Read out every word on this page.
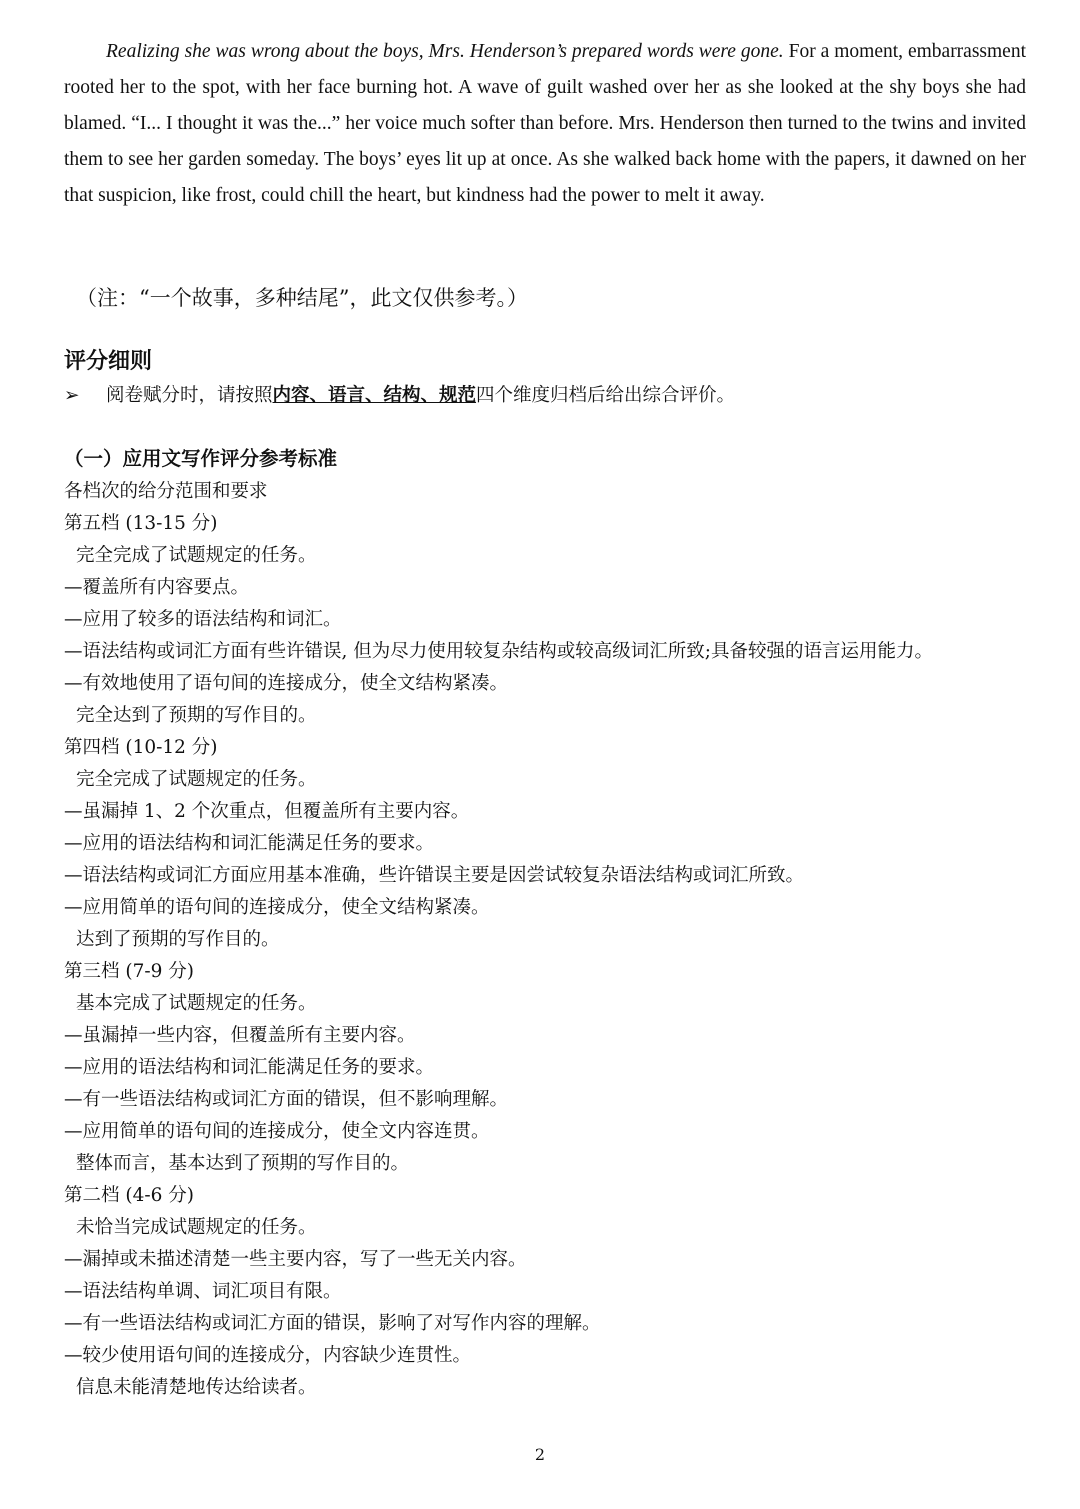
Realizing she was wrong about the boys, Mrs. Henderson’s prepared words were gone. For a moment, embarrassment rooted her to the spot, with her face burning hot. A wave of guilt washed over her as she looked at the shy boys she had blamed. “I... I thought it was the...” her voice much softer than before. Mrs. Henderson then turned to the twins and invited them to see her garden someday. The boys’ eyes lit up at once. As she walked back home with the papers, it dawned on her that suspicion, like frost, could chill the heart, but kindness had the power to melt it away.

（注：“一个故事，多种结尾”，此文仅供参考。）
评分细则
➢ 阅卷赋分时，请按照内容、语言、结构、规范四个维度归档后给出综合评价。
（一）应用文写作评分参考标准
各档次的给分范围和要求
第五档 (13-15 分)
完全完成了试题规定的任务。
—覆盖所有内容要点。
—应用了较多的语法结构和词汇。
—语法结构或词汇方面有些许错误, 但为尽力使用较复杂结构或较高级词汇所致;具备较强的语言运用能力。
—有效地使用了语句间的连接成分，使全文结构紧凑。
完全达到了预期的写作目的。
第四档 (10-12 分)
完全完成了试题规定的任务。
—虽漏掉 1、2 个次重点，但覆盖所有主要内容。
—应用的语法结构和词汇能满足任务的要求。
—语法结构或词汇方面应用基本准确，些许错误主要是因尝试较复杂语法结构或词汇所致。
—应用简单的语句间的连接成分，使全文结构紧凑。
达到了预期的写作目的。
第三档 (7-9 分)
基本完成了试题规定的任务。
—虽漏掉一些内容，但覆盖所有主要内容。
—应用的语法结构和词汇能满足任务的要求。
—有一些语法结构或词汇方面的错误，但不影响理解。
—应用简单的语句间的连接成分，使全文内容连贯。
整体而言，基本达到了预期的写作目的。
第二档 (4-6 分)
未恰当完成试题规定的任务。
—漏掉或未描述清楚一些主要内容，写了一些无关内容。
—语法结构单调、词汇项目有限。
—有一些语法结构或词汇方面的错误，影响了对写作内容的理解。
—较少使用语句间的连接成分，内容缺少连贯性。
信息未能清楚地传达给读者。
2
